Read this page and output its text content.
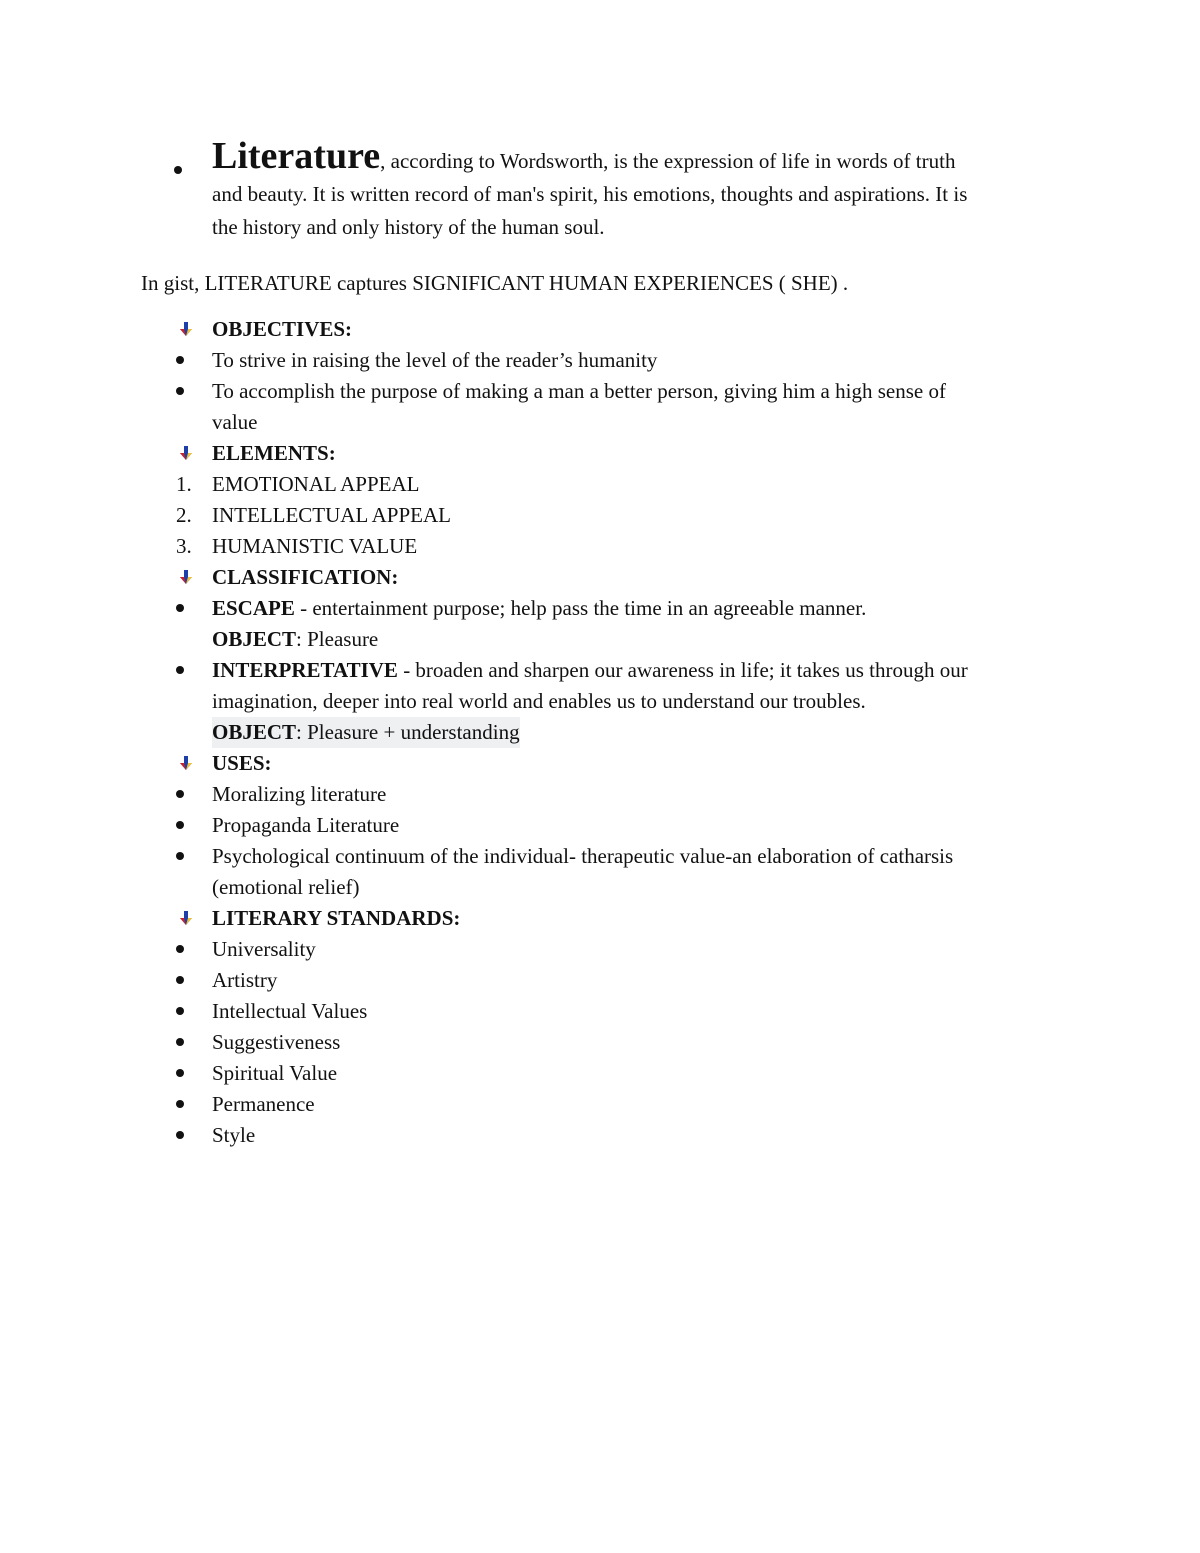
Literature, according to Wordsworth, is the expression of life in words of truth
and beauty. It is written record of man's spirit, his emotions, thoughts and aspirations. It is
the history and only history of the human soul.
In gist, LITERATURE captures SIGNIFICANT HUMAN EXPERIENCES ( SHE) .
OBJECTIVES:
To strive in raising the level of the reader’s humanity
To accomplish the purpose of making a man a better person, giving him a high sense of
value
ELEMENTS:
1. EMOTIONAL APPEAL
2. INTELLECTUAL APPEAL
3. HUMANISTIC VALUE
CLASSIFICATION:
ESCAPE - entertainment purpose; help pass the time in an agreeable manner.
OBJECT: Pleasure
INTERPRETATIVE - broaden and sharpen our awareness in life; it takes us through our
imagination, deeper into real world and enables us to understand our troubles.
OBJECT: Pleasure + understanding
USES:
Moralizing literature
Propaganda Literature
Psychological continuum of the individual- therapeutic value-an elaboration of catharsis
(emotional relief)
LITERARY STANDARDS:
Universality
Artistry
Intellectual Values
Suggestiveness
Spiritual Value
Permanence
Style
